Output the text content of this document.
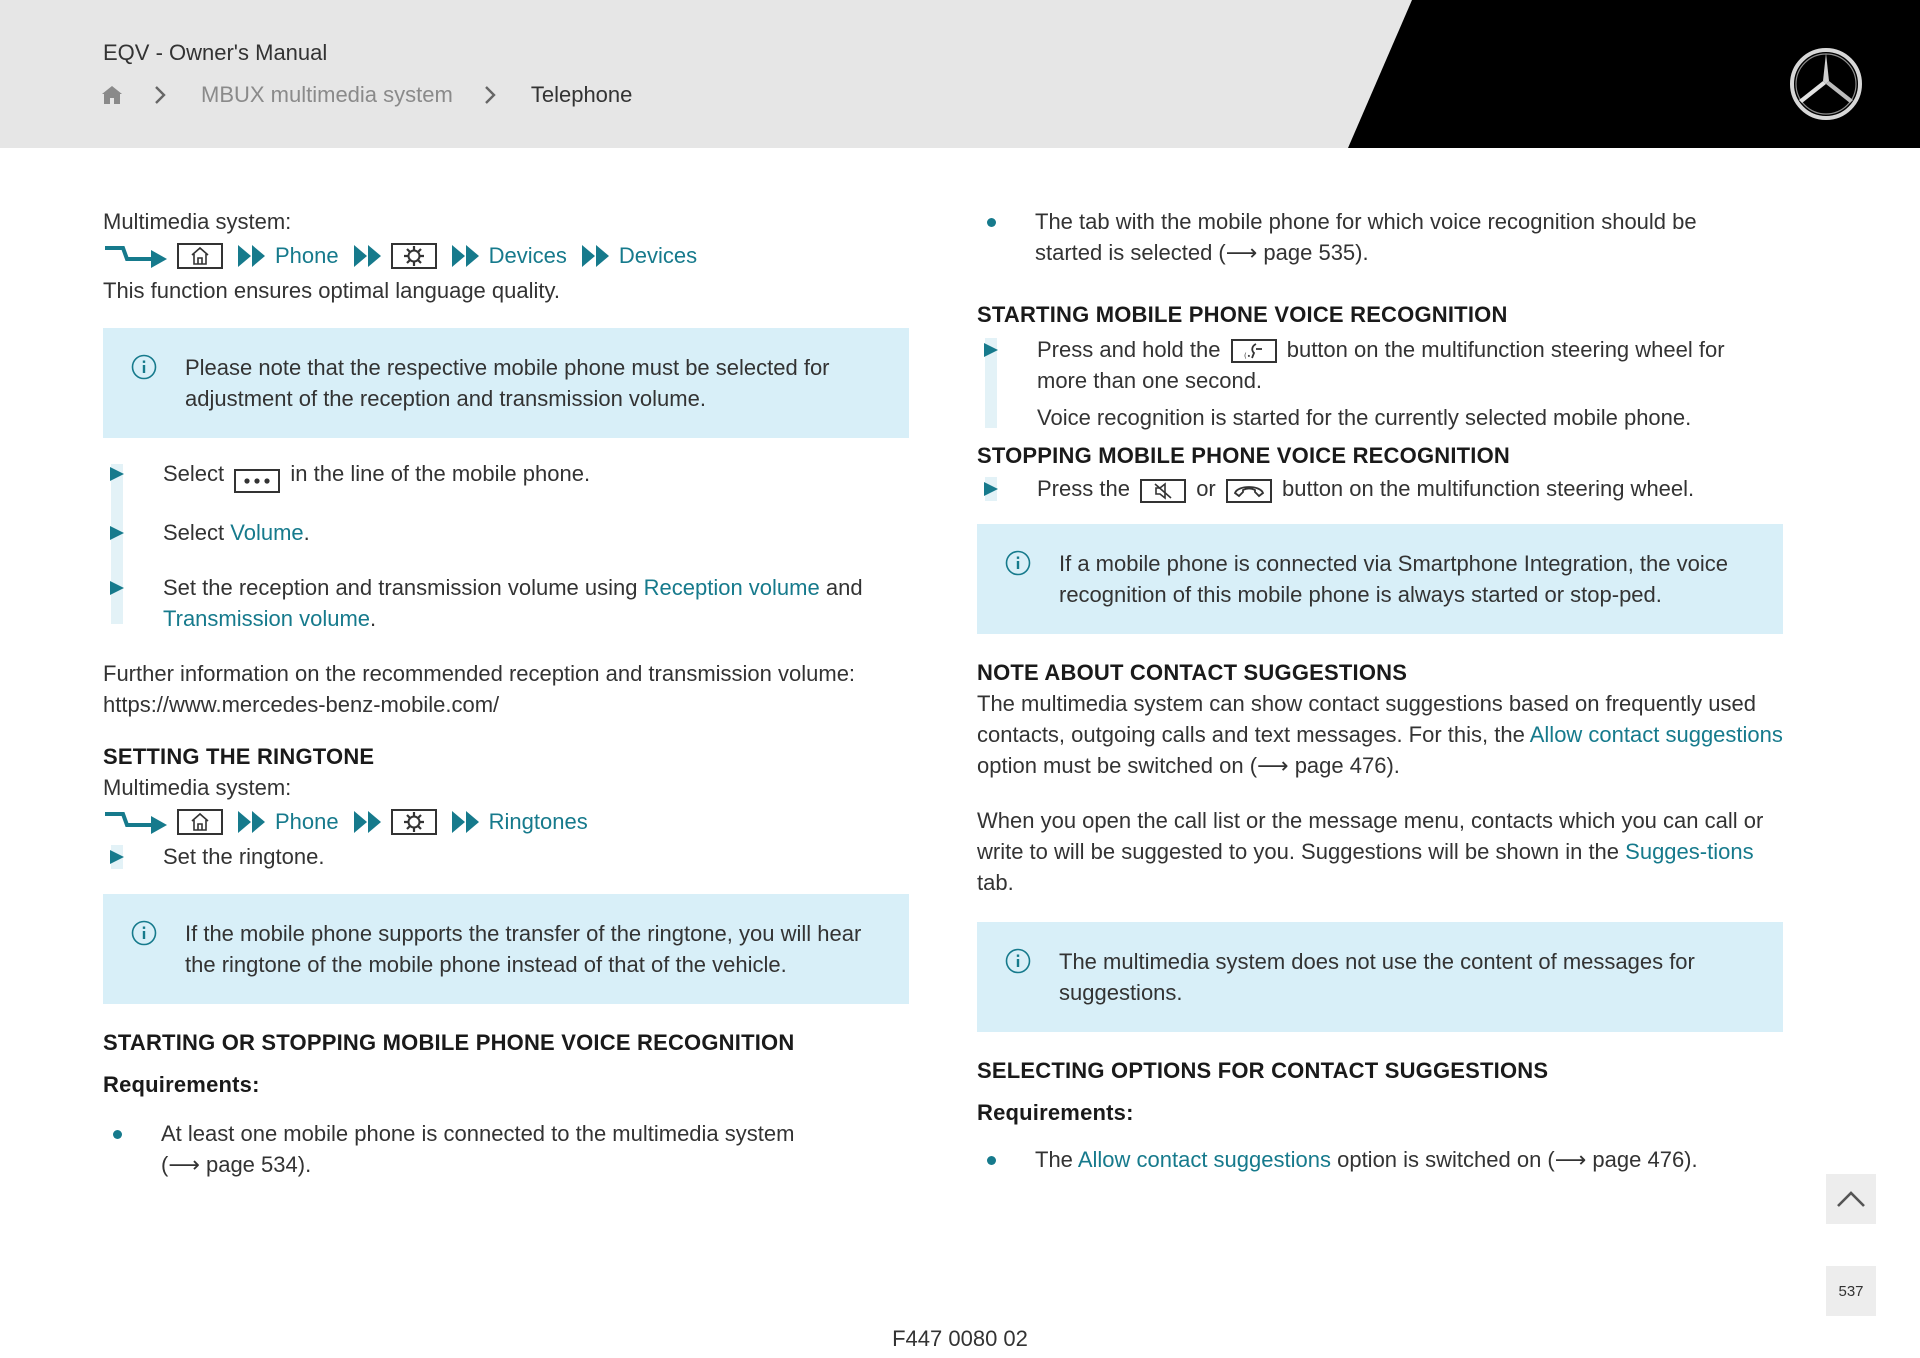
EQV - Owner's Manual
MBUX multimedia system	Telephone
Multimedia system:
Phone	Devices Devices
This function ensures optimal language quality.
Please note that the respective mobile phone must be selected for adjustment of the reception and transmission volume.
Select	in the line of the mobile phone.
Select Volume.
Set the reception and transmission volume using Reception volume and Transmission volume.
Further information on the recommended reception and transmission volume:
https://www.mercedes-benz-mobile.com/
SETTING THE RINGTONE
Multimedia system:
Phone	Ringtones
Set the ringtone.
If the mobile phone supports the transfer of the ringtone, you will hear the ringtone of the mobile phone instead of that of the vehicle.
STARTING OR STOPPING MOBILE PHONE VOICE RECOGNITION
Requirements:
At least one mobile phone is connected to the multimedia system
(⟶ page 534).
The tab with the mobile phone for which voice recognition should be
started is selected (⟶ page 535).
STARTING MOBILE PHONE VOICE RECOGNITION
Press and hold the	(∙ button on the multifunction steering wheel for
more than one second.
Voice recognition is started for the currently selected mobile phone.
STOPPING MOBILE PHONE VOICE RECOGNITION
Press the	or	button on the multifunction steering wheel.
If a mobile phone is connected via Smartphone Integration, the voice recognition of this mobile phone is always started or stop-ped.
NOTE ABOUT CONTACT SUGGESTIONS
The multimedia system can show contact suggestions based on frequently used contacts, outgoing calls and text messages. For this, the Allow contact suggestions option must be switched on (⟶ page 476).
When you open the call list or the message menu, contacts which you can call or write to will be suggested to you. Suggestions will be shown in the Sugges-tions tab.
The multimedia system does not use the content of messages for suggestions.
SELECTING OPTIONS FOR CONTACT SUGGESTIONS
Requirements:
The Allow contact suggestions option is switched on (⟶ page 476).
537
F447 0080 02
